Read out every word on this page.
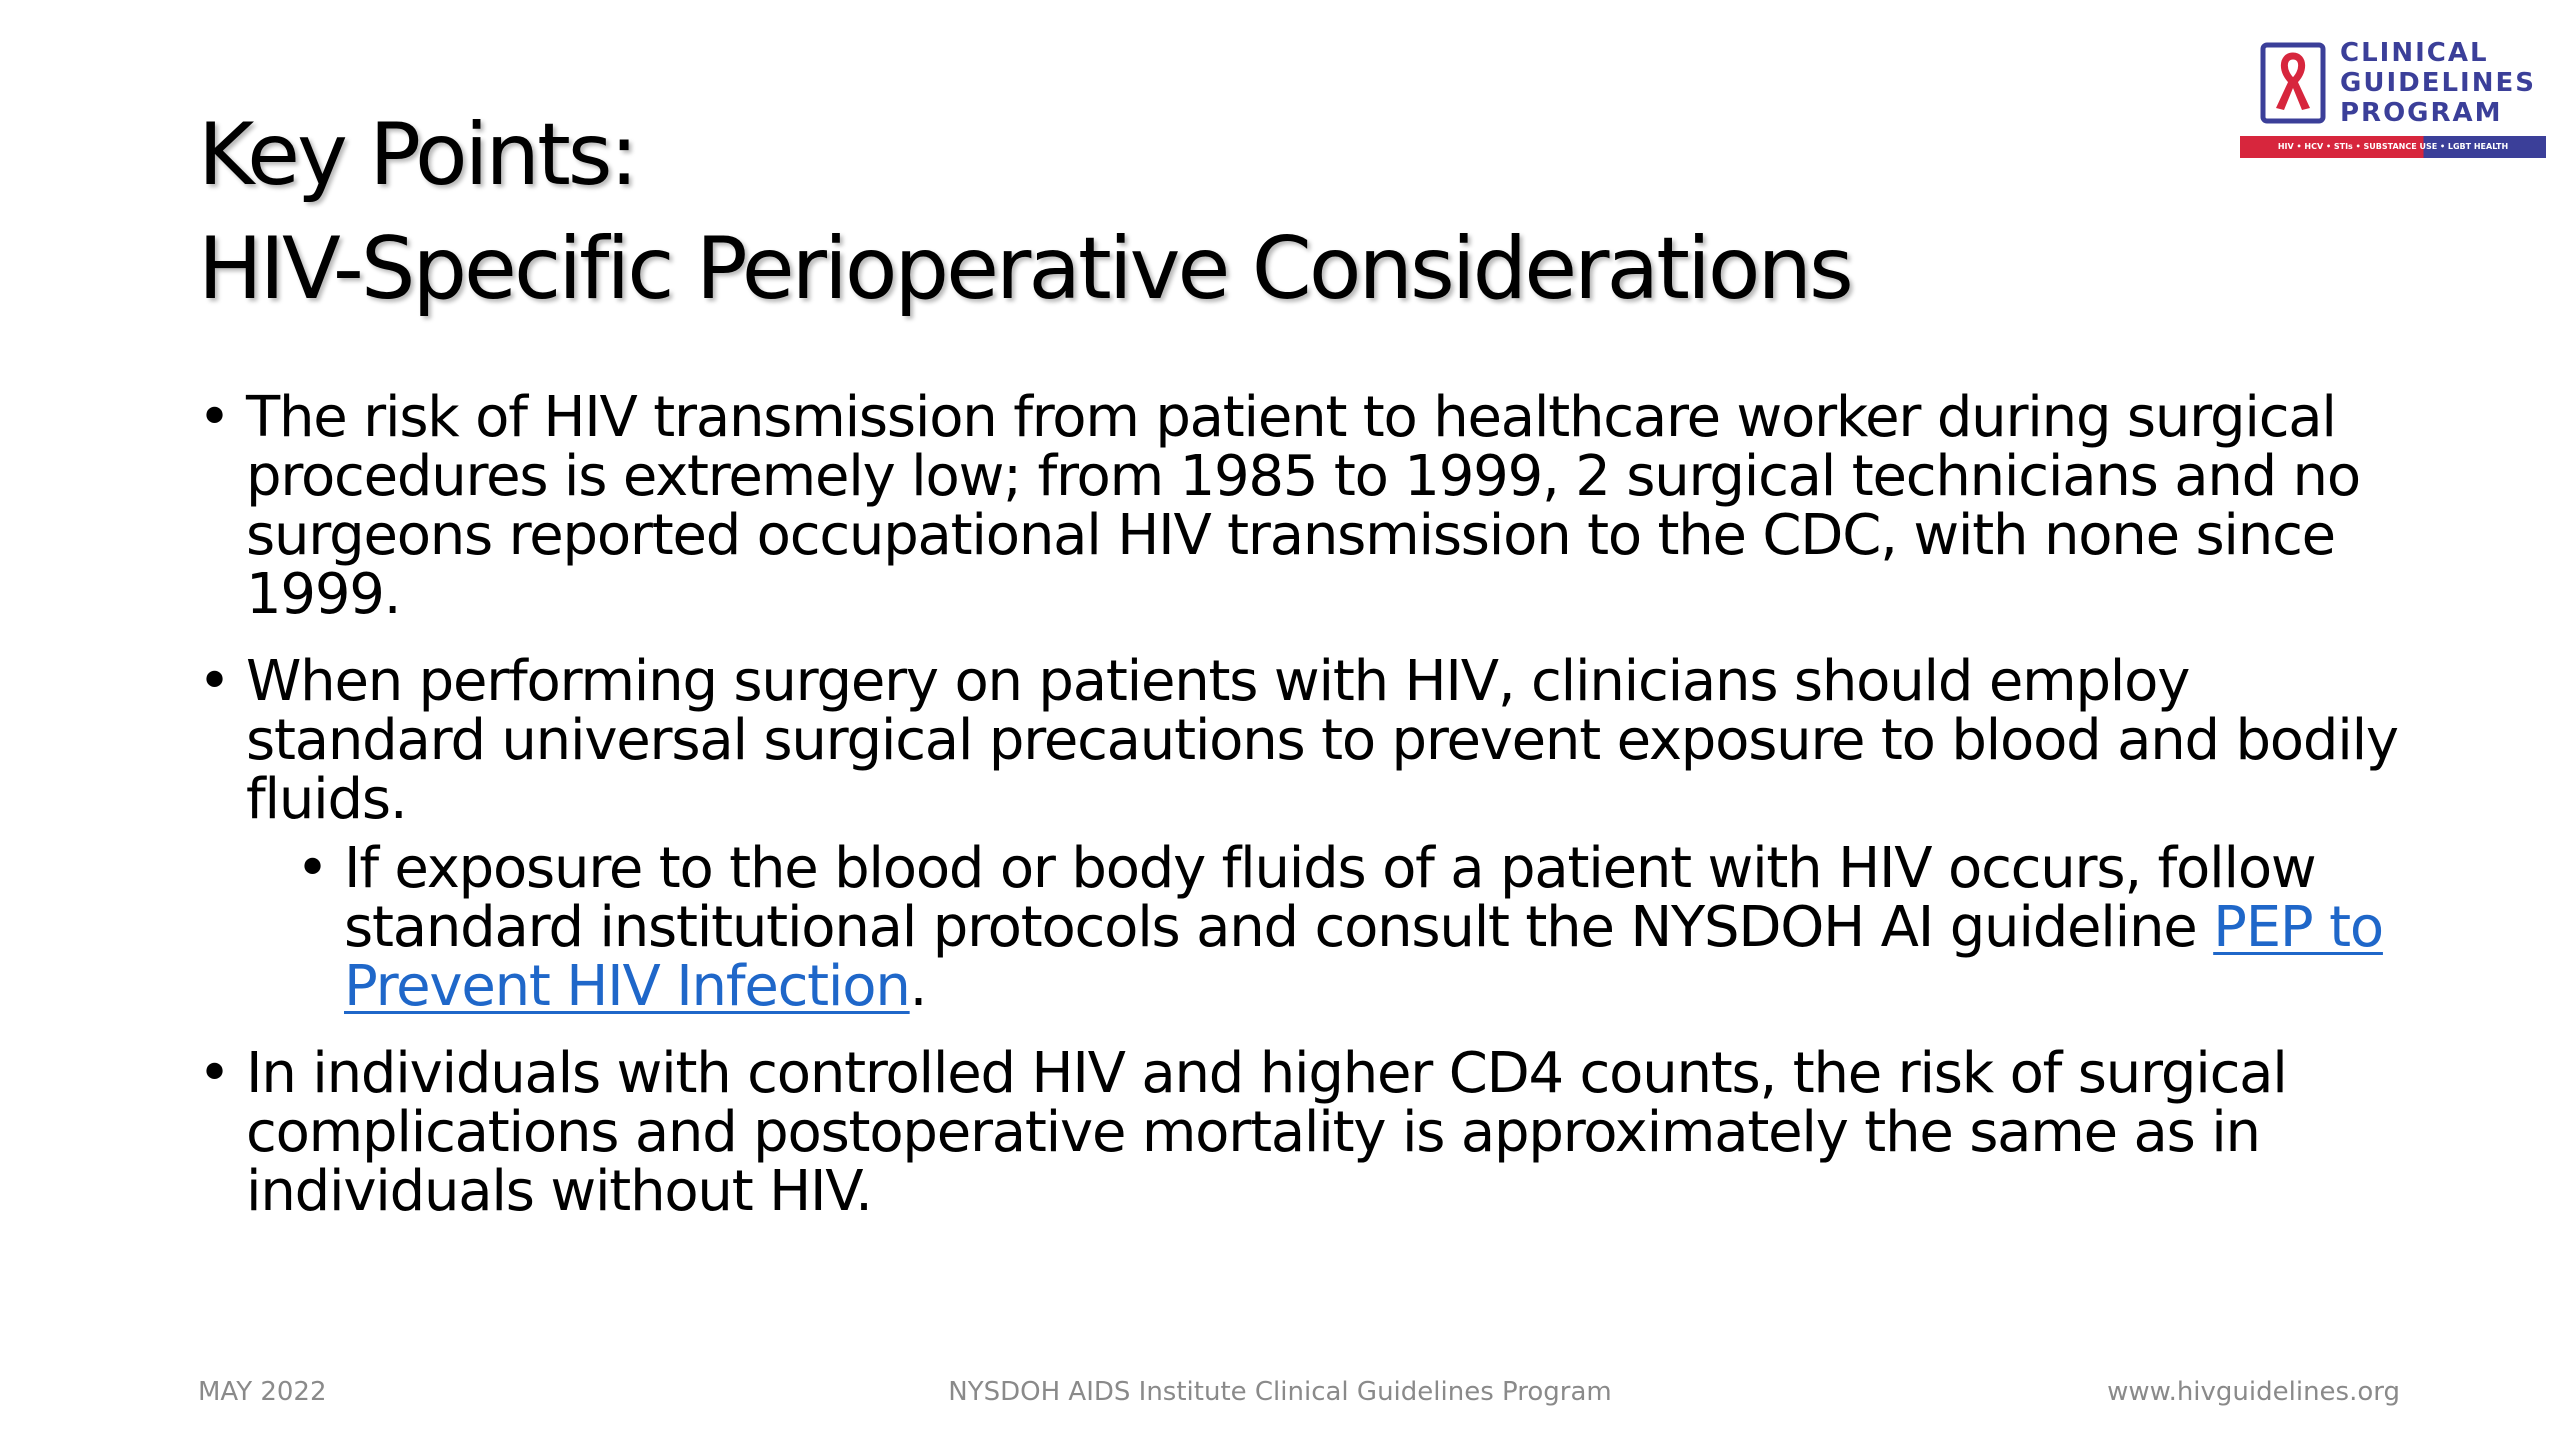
Key Points:
HIV-Specific Perioperative Considerations
CLINICAL
GUIDELINES
PROGRAM
HIV • HCV • STIs • SUBSTANCE USE • LGBT HEALTH
• The risk of HIV transmission from patient to healthcare worker during surgical procedures is extremely low; from 1985 to 1999, 2 surgical technicians and no surgeons reported occupational HIV transmission to the CDC, with none since 1999.
• When performing surgery on patients with HIV, clinicians should employ standard universal surgical precautions to prevent exposure to blood and bodily fluids.
• If exposure to the blood or body fluids of a patient with HIV occurs, follow standard institutional protocols and consult the NYSDOH AI guideline PEP to Prevent HIV Infection.
• In individuals with controlled HIV and higher CD4 counts, the risk of surgical complications and postoperative mortality is approximately the same as in individuals without HIV.
MAY 2022	NYSDOH AIDS Institute Clinical Guidelines Program	www.hivguidelines.org
